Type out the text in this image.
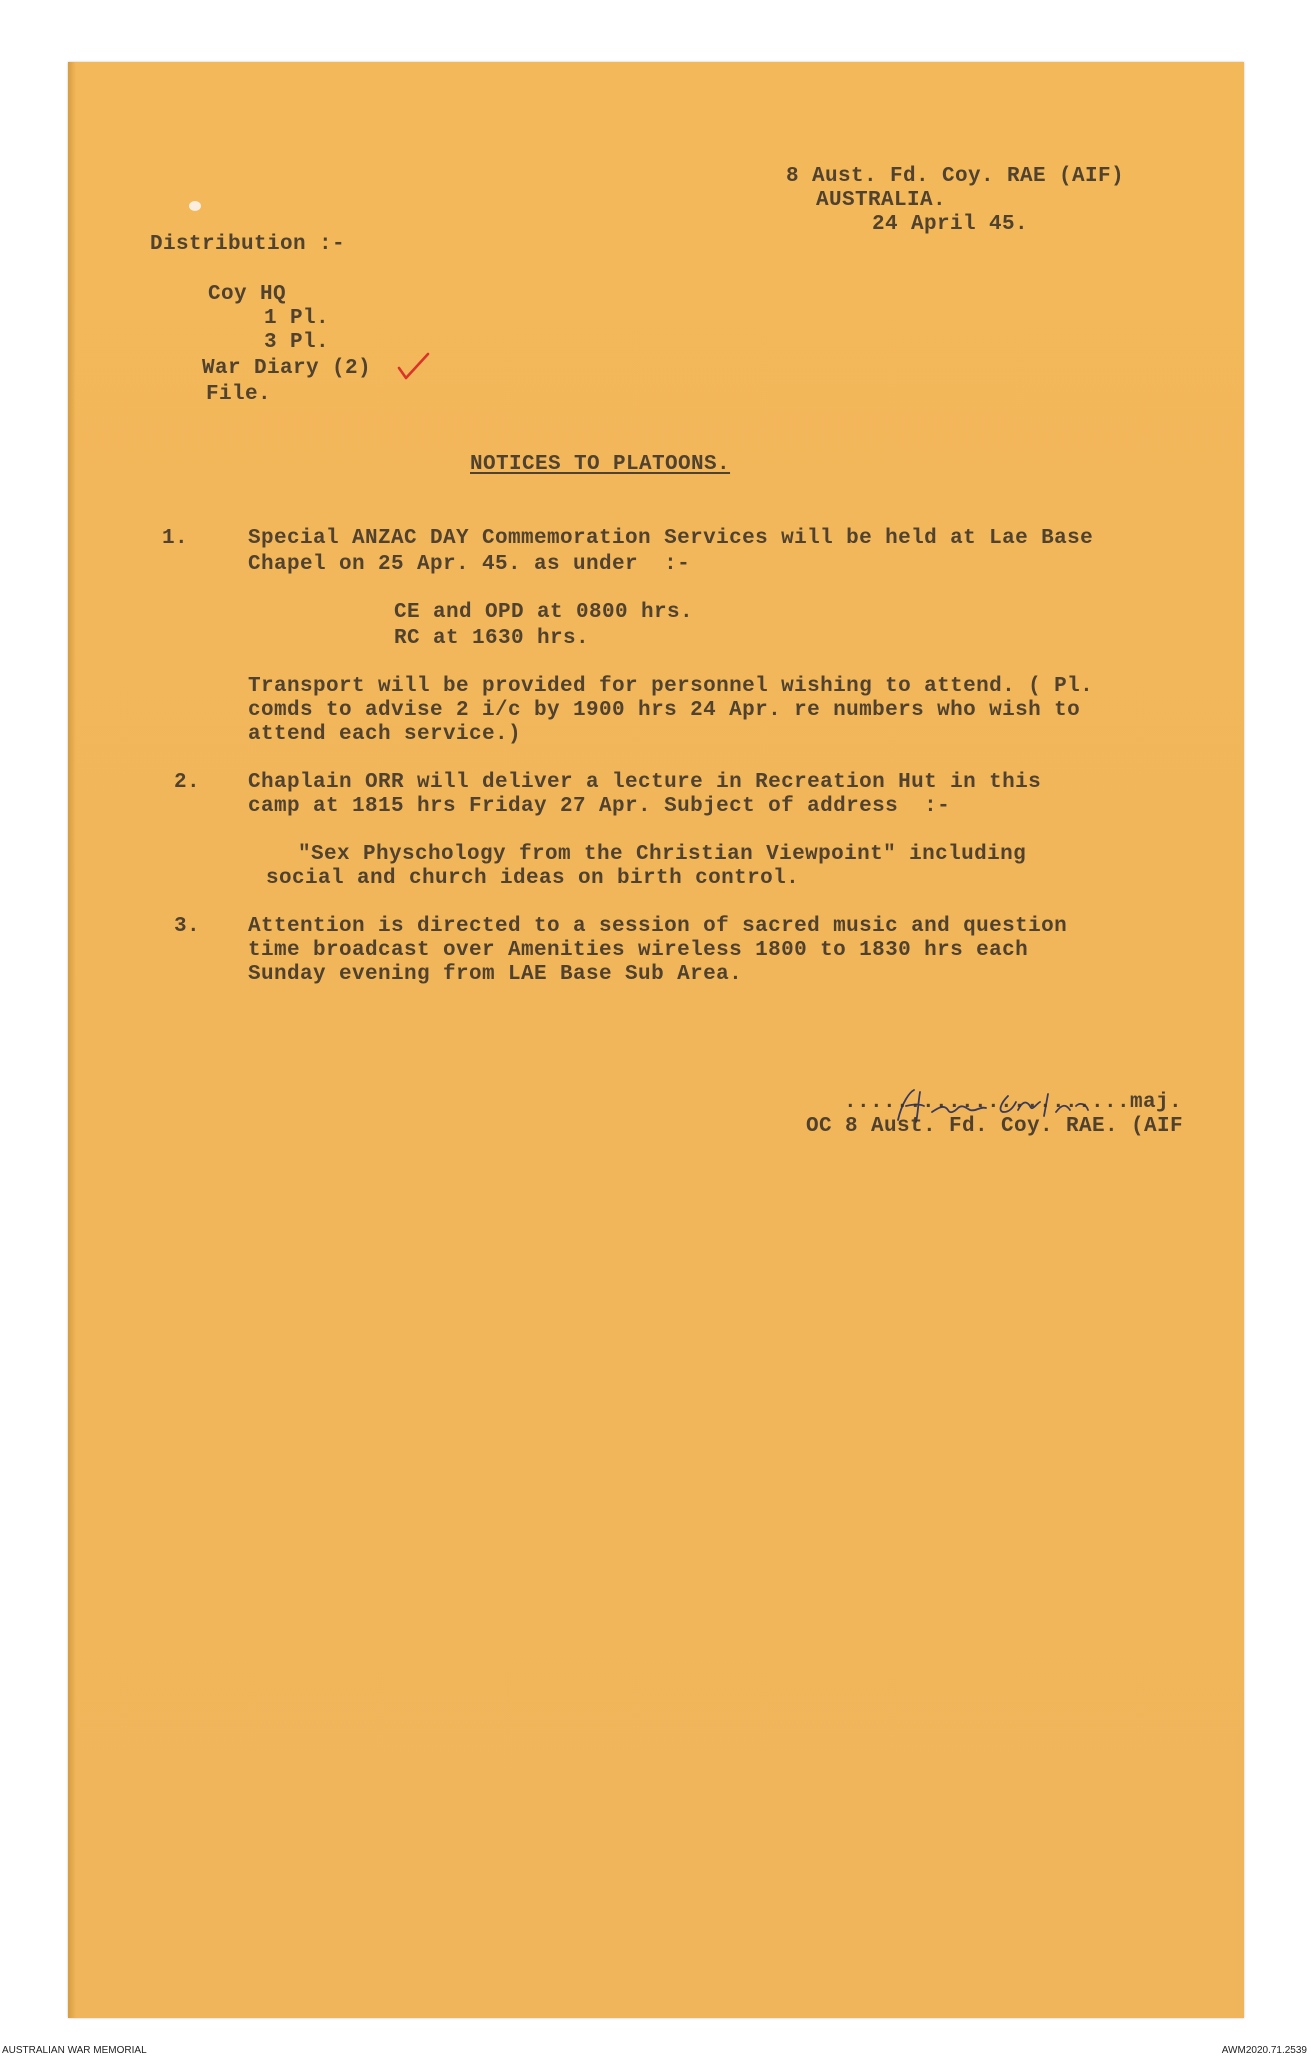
8 Aust. Fd. Coy. RAE (AIF)
AUSTRALIA.
24 April 45.
Distribution :-
Coy HQ
1 Pl.
3 Pl.
War Diary (2)
File.
NOTICES TO PLATOONS.
1.	Special ANZAC DAY Commemoration Services will be held at Lae Base
Chapel on 25 Apr. 45. as under  :-
CE and OPD at 0800 hrs.
RC at 1630 hrs.
Transport will be provided for personnel wishing to attend. ( Pl.
comds to advise 2 i/c by 1900 hrs 24 Apr. re numbers who wish to
attend each service.)
2. Chaplain ORR will deliver a lecture in Recreation Hut in this
camp at 1815 hrs Friday 27 Apr. Subject of address  :-
"Sex Physchology from the Christian Viewpoint" including
social and church ideas on birth control.
3. Attention is directed to a session of sacred music and question
time broadcast over Amenities wireless 1800 to 1830 hrs each
Sunday evening from LAE Base Sub Area.
......................maj.
OC 8 Aust. Fd. Coy. RAE. (AIF
AUSTRALIAN WAR MEMORIAL	AWM2020.71.2539
